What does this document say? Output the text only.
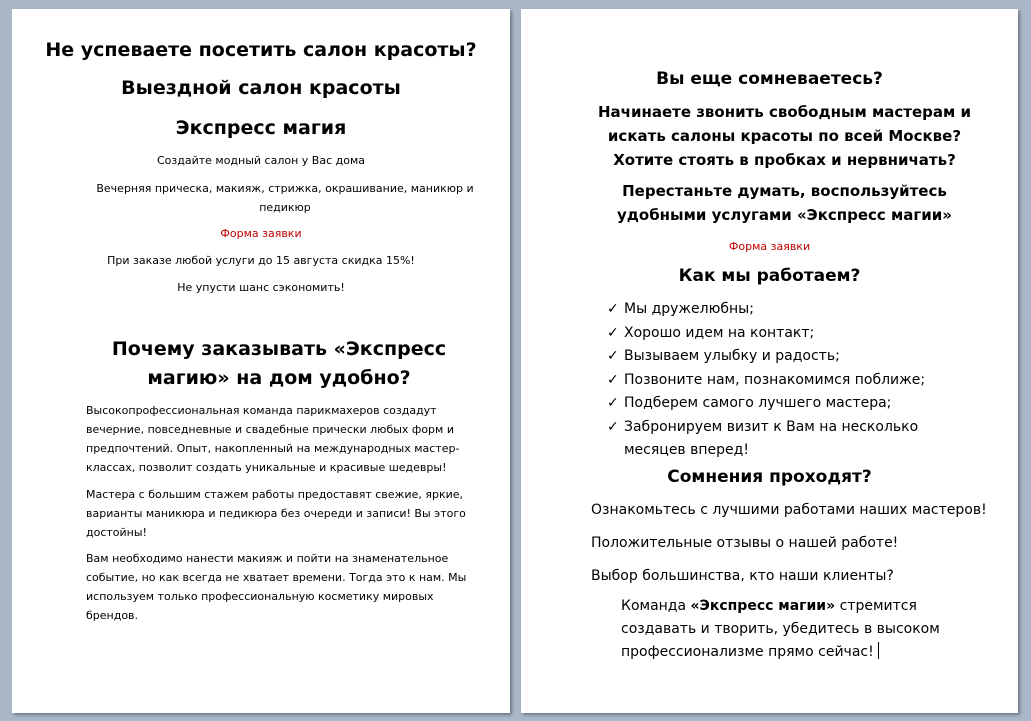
Не успеваете посетить салон красоты?

Выездной салон красоты

Экспресс магия

Создайте модный салон у Вас дома

Вечерняя прическа, макияж, стрижка, окрашивание, маникюр и педикюр

Форма заявки

При заказе любой услуги до 15 августа скидка 15%!

Не упусти шанс сэкономить!

Почему заказывать «Экспресс магию» на дом удобно?

Высокопрофессиональная команда парикмахеров создадут вечерние, повседневные и свадебные прически любых форм и предпочтений. Опыт, накопленный на международных мастер-классах, позволит создать уникальные и красивые шедевры!

Мастера с большим стажем работы предоставят свежие, яркие, варианты маникюра и педикюра без очереди и записи! Вы этого достойны!

Вам необходимо нанести макияж и пойти на знаменательное событие, но как всегда не хватает времени. Тогда это к нам. Мы используем только профессиональную косметику мировых брендов.

Вы еще сомневаетесь?

Начинаете звонить свободным мастерам и искать салоны красоты по всей Москве? Хотите стоять в пробках и нервничать?

Перестаньте думать, воспользуйтесь удобными услугами «Экспресс магии»

Форма заявки

Как мы работаем?

✓ Мы дружелюбны;
✓ Хорошо идем на контакт;
✓ Вызываем улыбку и радость;
✓ Позвоните нам, познакомимся поближе;
✓ Подберем самого лучшего мастера;
✓ Забронируем визит к Вам на несколько месяцев вперед!

Сомнения проходят?

Ознакомьтесь с лучшими работами наших мастеров!

Положительные отзывы о нашей работе!

Выбор большинства, кто наши клиенты?

Команда «Экспресс магии» стремится создавать и творить, убедитесь в высоком профессионализме прямо сейчас!
